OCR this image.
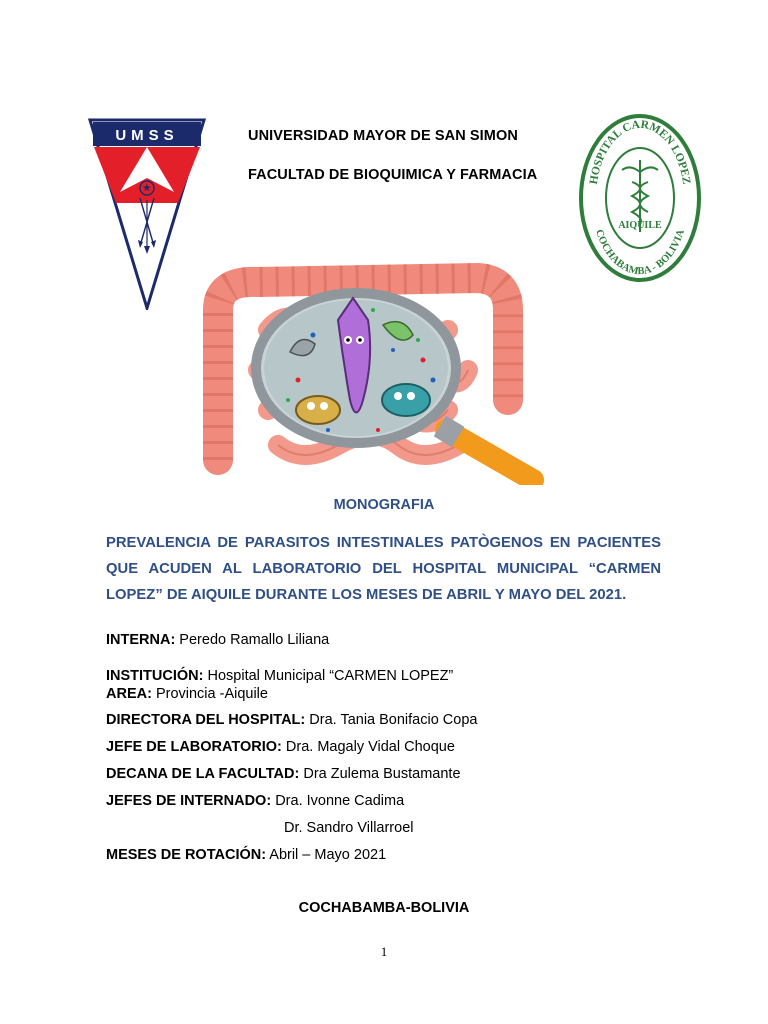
UMSS	UNIVERSIDAD MAYOR DE SAN SIMON
FACULTAD DE BIOQUIMICA Y FARMACIA	HOSPITAL CARMEN LOPEZ
COCHABAMBA - BOLIVIA
AIQUILE
MONOGRAFIA

PREVALENCIA DE PARASITOS INTESTINALES PATÒGENOS EN PACIENTES QUE ACUDEN AL LABORATORIO DEL HOSPITAL MUNICIPAL “CARMEN LOPEZ” DE AIQUILE DURANTE LOS MESES DE ABRIL Y MAYO DEL 2021.

INTERNA: Peredo Ramallo Liliana
INSTITUCIÓN: Hospital Municipal “CARMEN LOPEZ”
AREA: Provincia -Aiquile
DIRECTORA DEL HOSPITAL: Dra. Tania Bonifacio Copa
JEFE DE LABORATORIO: Dra. Magaly Vidal Choque
DECANA DE LA FACULTAD: Dra Zulema Bustamante
JEFES DE INTERNADO: Dra. Ivonne Cadima
Dr. Sandro Villarroel
MESES DE ROTACIÓN: Abril – Mayo 2021
COCHABAMBA-BOLIVIA
1
